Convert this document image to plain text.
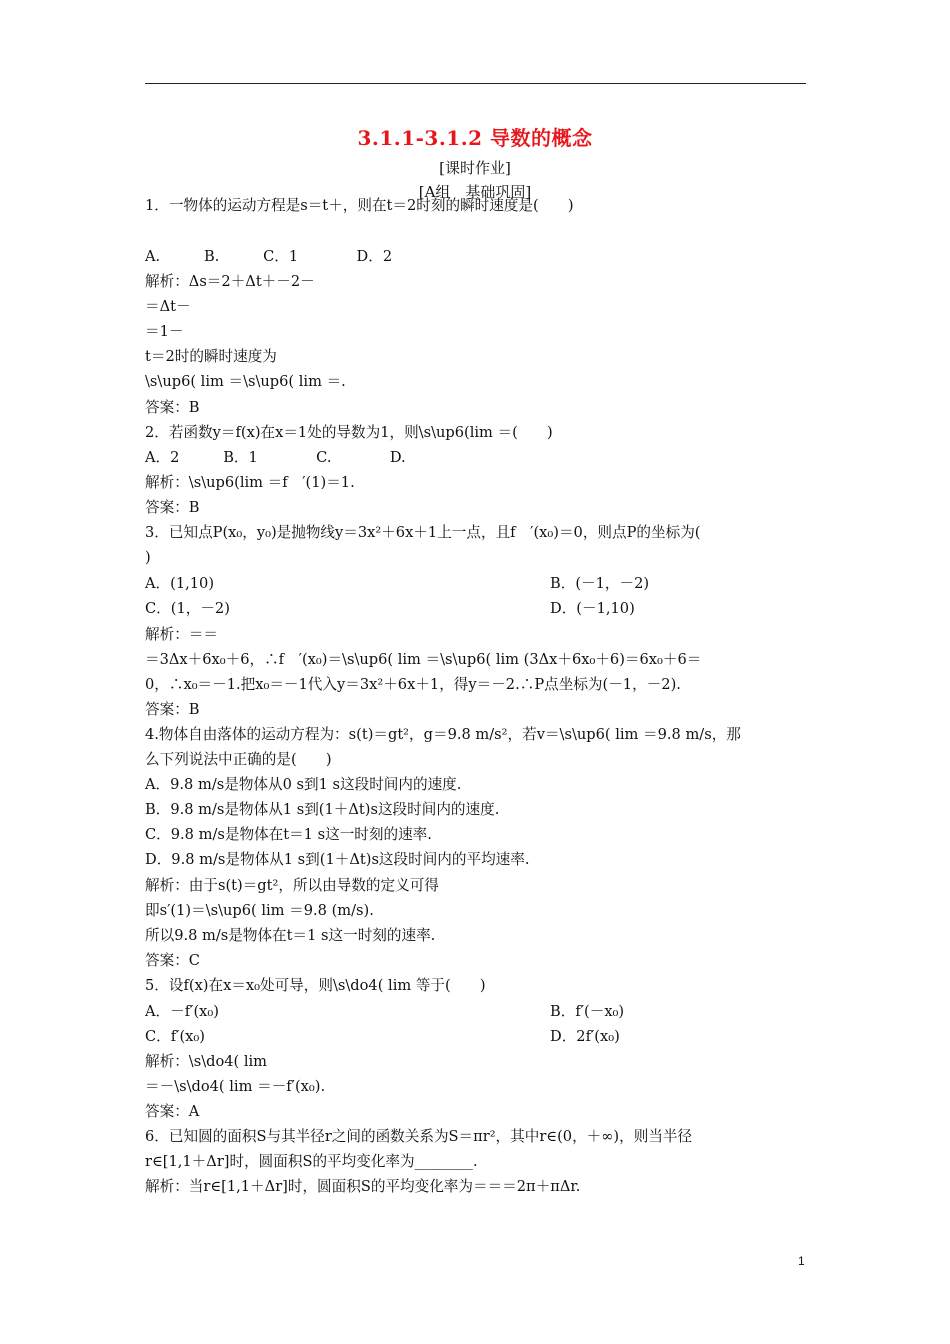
3.1.1-3.1.2 导数的概念
[课时作业]
[A组　基础巩固]
1．一物体的运动方程是s＝t＋，则在t＝2时刻的瞬时速度是(　　)
A.　　　B.　　　C．1　　　　D．2
解析：Δs＝2＋Δt＋－2－
＝Δt－
＝1－
t＝2时的瞬时速度为
\s\up6( lim ＝\s\up6( lim ＝.
答案：B
2．若函数y＝f(x)在x＝1处的导数为1，则\s\up6(lim ＝(　　)
A．2　　　B．1　　　　C.　　　　D.
解析：\s\up6(lim ＝f　′(1)＝1.
答案：B
3．已知点P(x₀，y₀)是抛物线y＝3x²＋6x＋1上一点，且f　′(x₀)＝0，则点P的坐标为(
)
解析：＝＝
＝3Δx＋6x₀＋6，∴f　′(x₀)＝\s\up6( lim ＝\s\up6( lim (3Δx＋6x₀＋6)＝6x₀＋6＝
0，∴x₀＝－1.把x₀＝－1代入y＝3x²＋6x＋1，得y＝－2.∴P点坐标为(－1，－2).
答案：B
4.物体自由落体的运动方程为：s(t)＝gt²，g＝9.8 m/s²，若v＝\s\up6( lim ＝9.8 m/s，那
么下列说法中正确的是(　　)
A．9.8 m/s是物体从0 s到1 s这段时间内的速度.
B．9.8 m/s是物体从1 s到(1＋Δt)s这段时间内的速度.
C．9.8 m/s是物体在t＝1 s这一时刻的速率.
D．9.8 m/s是物体从1 s到(1＋Δt)s这段时间内的平均速率.
解析：由于s(t)＝gt²，所以由导数的定义可得
即s′(1)＝\s\up6( lim ＝9.8 (m/s).
所以9.8 m/s是物体在t＝1 s这一时刻的速率.
答案：C
5．设f(x)在x＝x₀处可导，则\s\do4( lim 等于(　　)
解析：\s\do4( lim
＝－\s\do4( lim ＝－f′(x₀).
答案：A
6．已知圆的面积S与其半径r之间的函数关系为S＝πr²，其中r∈(0，＋∞)，则当半径
r∈[1,1＋Δr]时，圆面积S的平均变化率为________.
解析：当r∈[1,1＋Δr]时，圆面积S的平均变化率为＝＝＝2π＋πΔr.
A．(1,10)	B．(－1，－2)
C．(1，－2)	D．(－1,10)
A．－f′(x₀)	B．f′(－x₀)
C．f′(x₀)	D．2f′(x₀)
1
